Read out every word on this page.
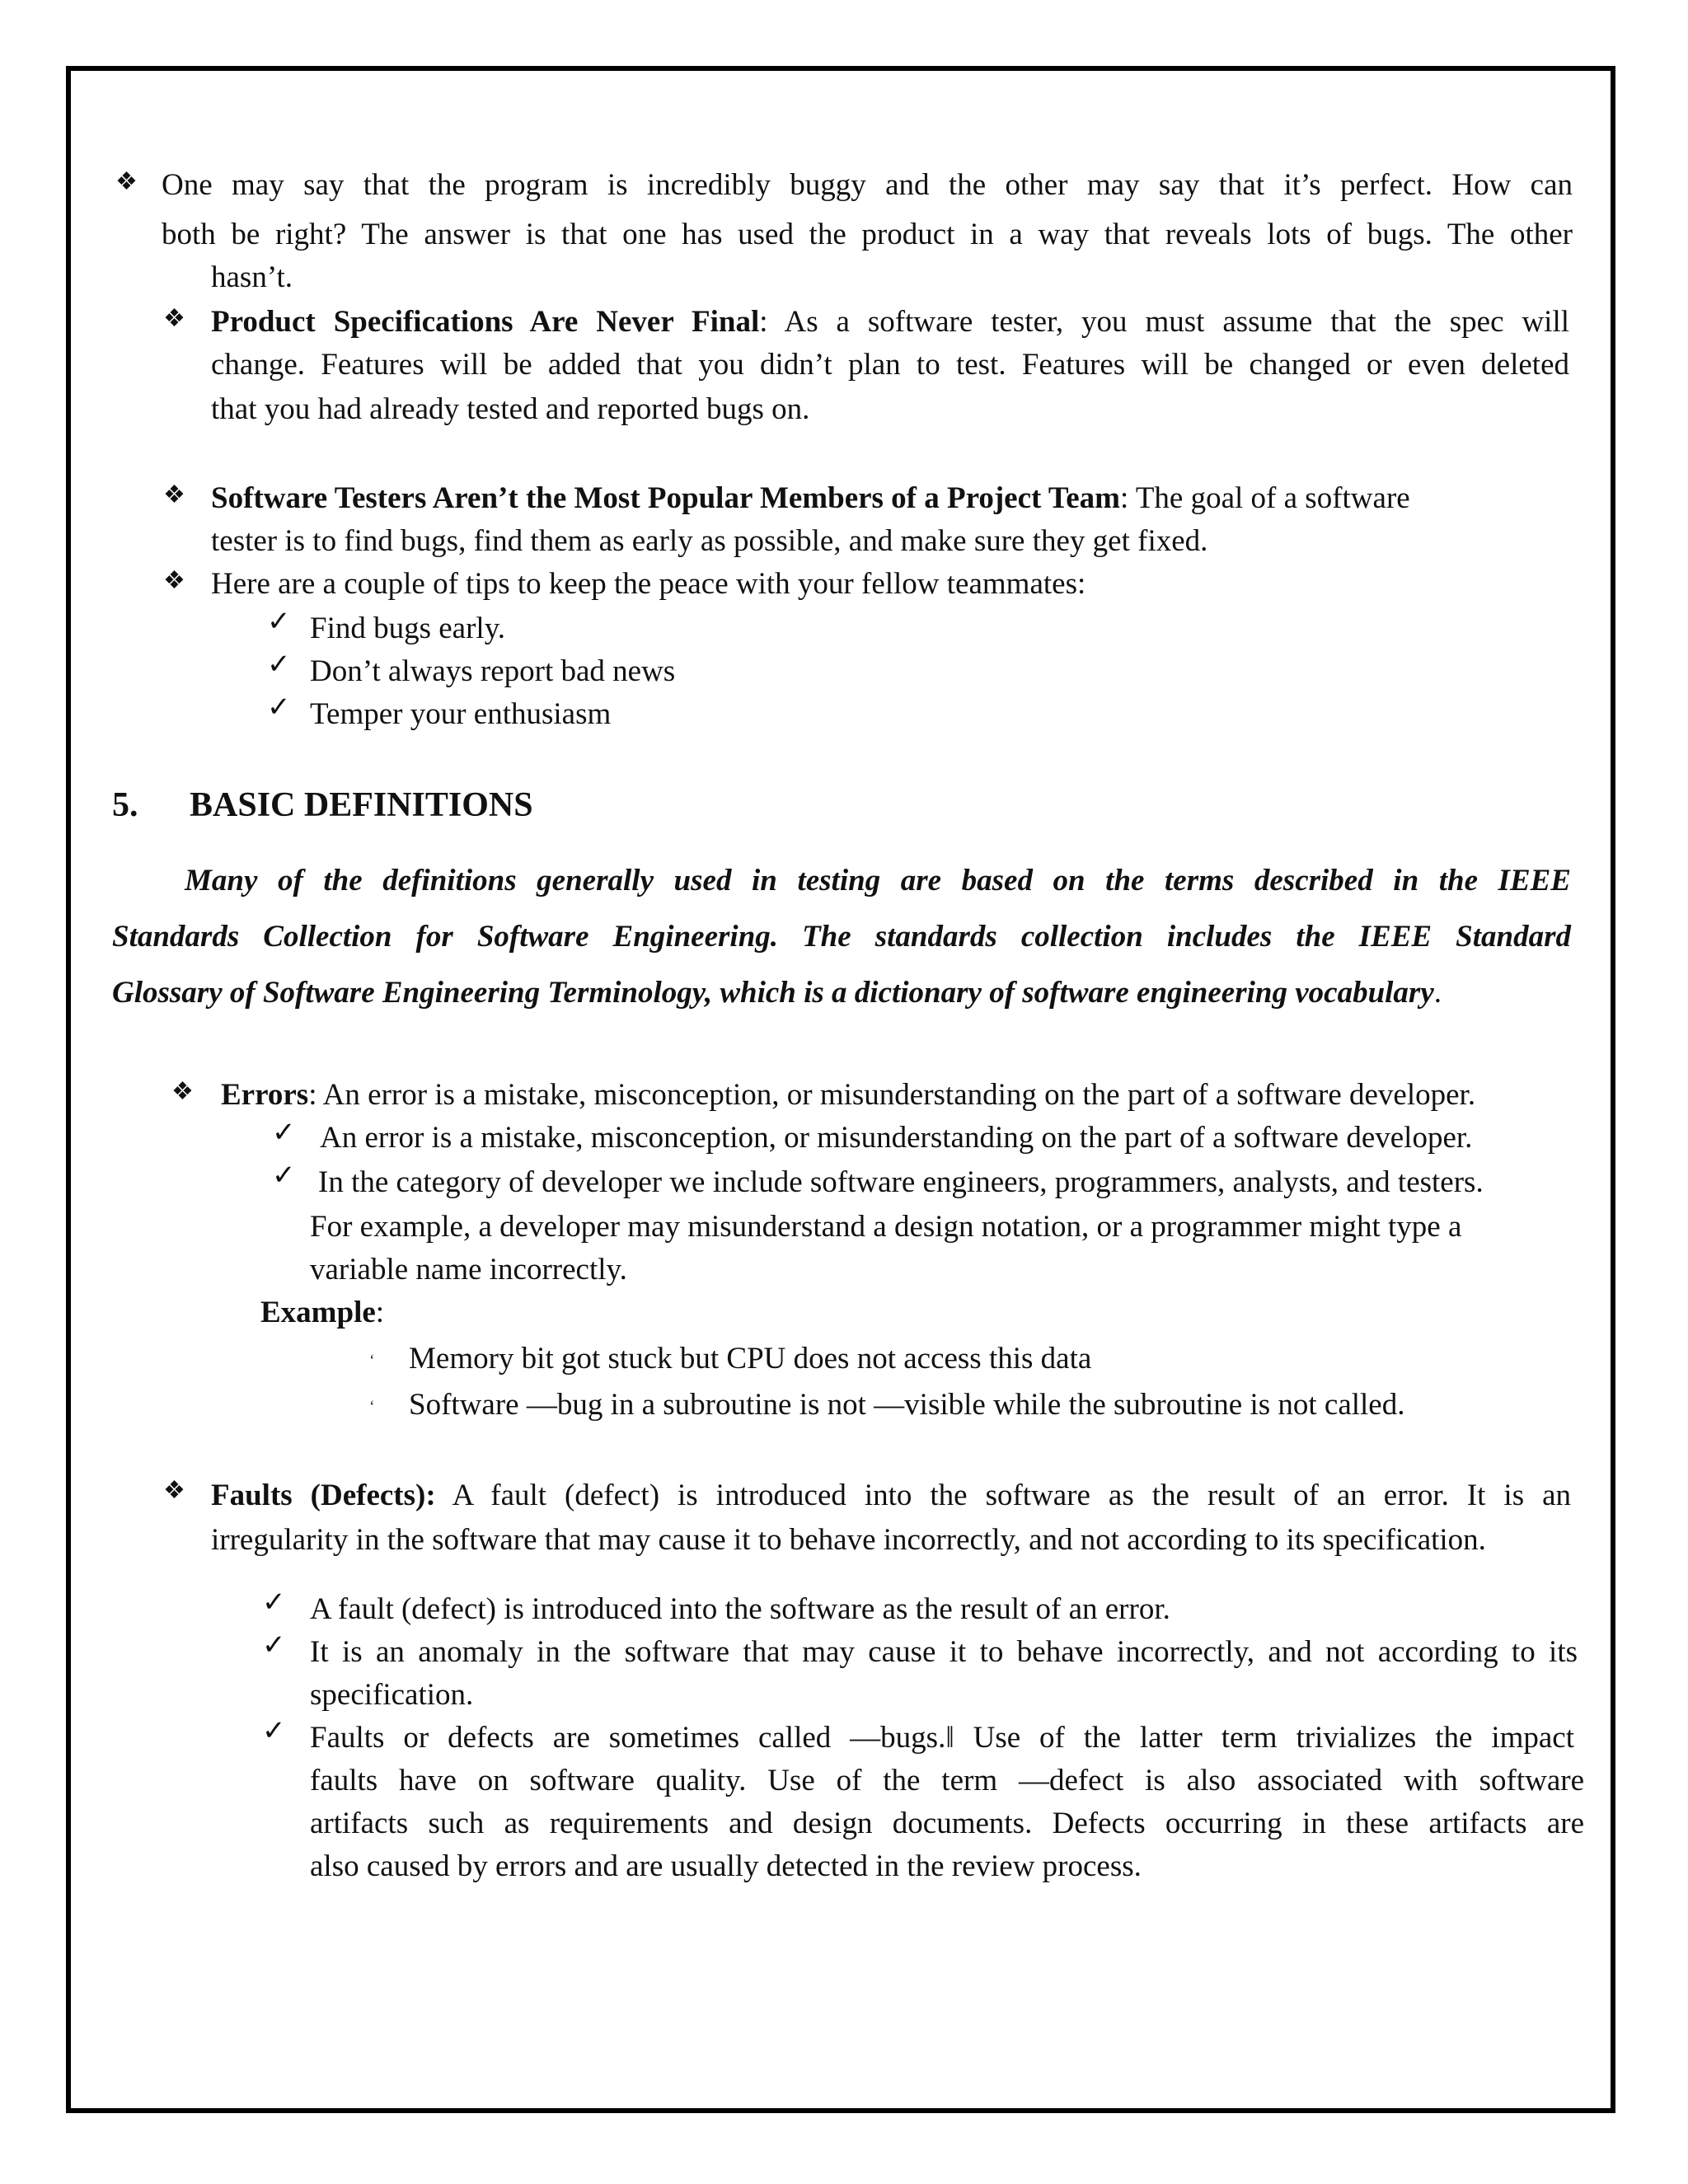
❖ One may say that the program is incredibly buggy and the other may say that it’s perfect. How can
both be right? The answer is that one has used the product in a way that reveals lots of bugs. The other
hasn’t.
❖ Product Specifications Are Never Final: As a software tester, you must assume that the spec will
change. Features will be added that you didn’t plan to test. Features will be changed or even deleted
that you had already tested and reported bugs on.
❖ Software Testers Aren’t the Most Popular Members of a Project Team: The goal of a software
tester is to find bugs, find them as early as possible, and make sure they get fixed.
❖ Here are a couple of tips to keep the peace with your fellow teammates:
✓ Find bugs early.
✓ Don’t always report bad news
✓ Temper your enthusiasm
5. BASIC DEFINITIONS
Many of the definitions generally used in testing are based on the terms described in the IEEE
Standards Collection for Software Engineering. The standards collection includes the IEEE Standard
Glossary of Software Engineering Terminology, which is a dictionary of software engineering vocabulary.
❖ Errors: An error is a mistake, misconception, or misunderstanding on the part of a software developer.
✓ An error is a mistake, misconception, or misunderstanding on the part of a software developer.
✓ In the category of developer we include software engineers, programmers, analysts, and testers.
For example, a developer may misunderstand a design notation, or a programmer might type a
variable name incorrectly.
Example:
ʻ Memory bit got stuck but CPU does not access this data
ʻ Software ―bug in a subroutine is not ―visible while the subroutine is not called.
❖ Faults (Defects): A fault (defect) is introduced into the software as the result of an error. It is an
irregularity in the software that may cause it to behave incorrectly, and not according to its specification.
✓ A fault (defect) is introduced into the software as the result of an error.
✓ It is an anomaly in the software that may cause it to behave incorrectly, and not according to its
specification.
✓ Faults or defects are sometimes called ―bugs.‖ Use of the latter term trivializes the impact
faults have on software quality. Use of the term ―defect is also associated with software
artifacts such as requirements and design documents. Defects occurring in these artifacts are
also caused by errors and are usually detected in the review process.
